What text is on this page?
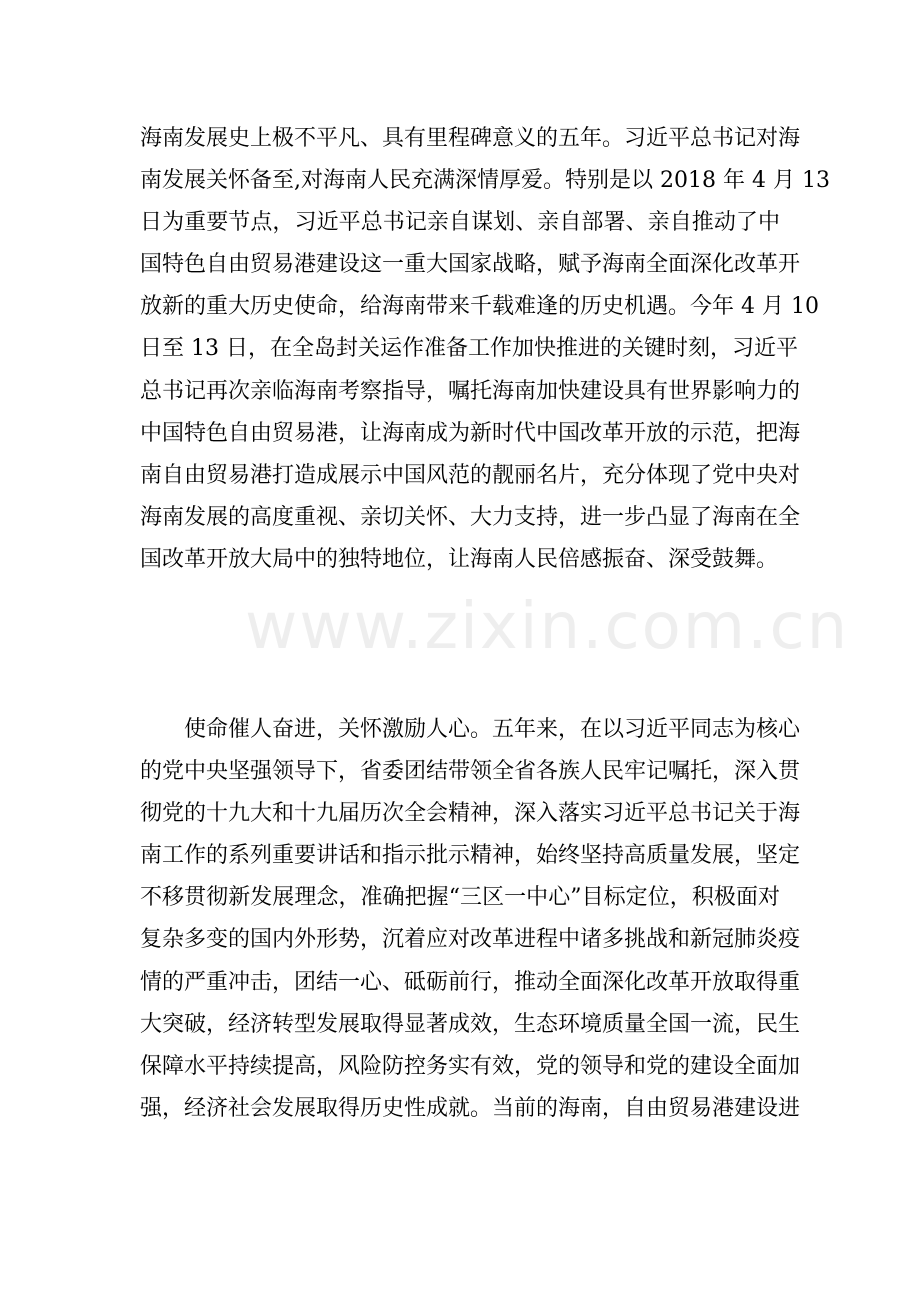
www.zixin.com.cn
海南发展史上极不平凡、具有里程碑意义的五年。习近平总书记对海
南发展关怀备至,对海南人民充满深情厚爱。特别是以 2018 年 4 月 13
日为重要节点，习近平总书记亲自谋划、亲自部署、亲自推动了中
国特色自由贸易港建设这一重大国家战略，赋予海南全面深化改革开
放新的重大历史使命，给海南带来千载难逢的历史机遇。今年 4 月 10
日至 13 日，在全岛封关运作准备工作加快推进的关键时刻，习近平
总书记再次亲临海南考察指导，嘱托海南加快建设具有世界影响力的
中国特色自由贸易港，让海南成为新时代中国改革开放的示范，把海
南自由贸易港打造成展示中国风范的靓丽名片，充分体现了党中央对
海南发展的高度重视、亲切关怀、大力支持，进一步凸显了海南在全
国改革开放大局中的独特地位，让海南人民倍感振奋、深受鼓舞。
　　使命催人奋进，关怀激励人心。五年来，在以习近平同志为核心
的党中央坚强领导下，省委团结带领全省各族人民牢记嘱托，深入贯
彻党的十九大和十九届历次全会精神，深入落实习近平总书记关于海
南工作的系列重要讲话和指示批示精神，始终坚持高质量发展，坚定
不移贯彻新发展理念，准确把握“三区一中心”目标定位，积极面对
复杂多变的国内外形势，沉着应对改革进程中诸多挑战和新冠肺炎疫
情的严重冲击，团结一心、砥砺前行，推动全面深化改革开放取得重
大突破，经济转型发展取得显著成效，生态环境质量全国一流，民生
保障水平持续提高，风险防控务实有效，党的领导和党的建设全面加
强，经济社会发展取得历史性成就。当前的海南，自由贸易港建设进
